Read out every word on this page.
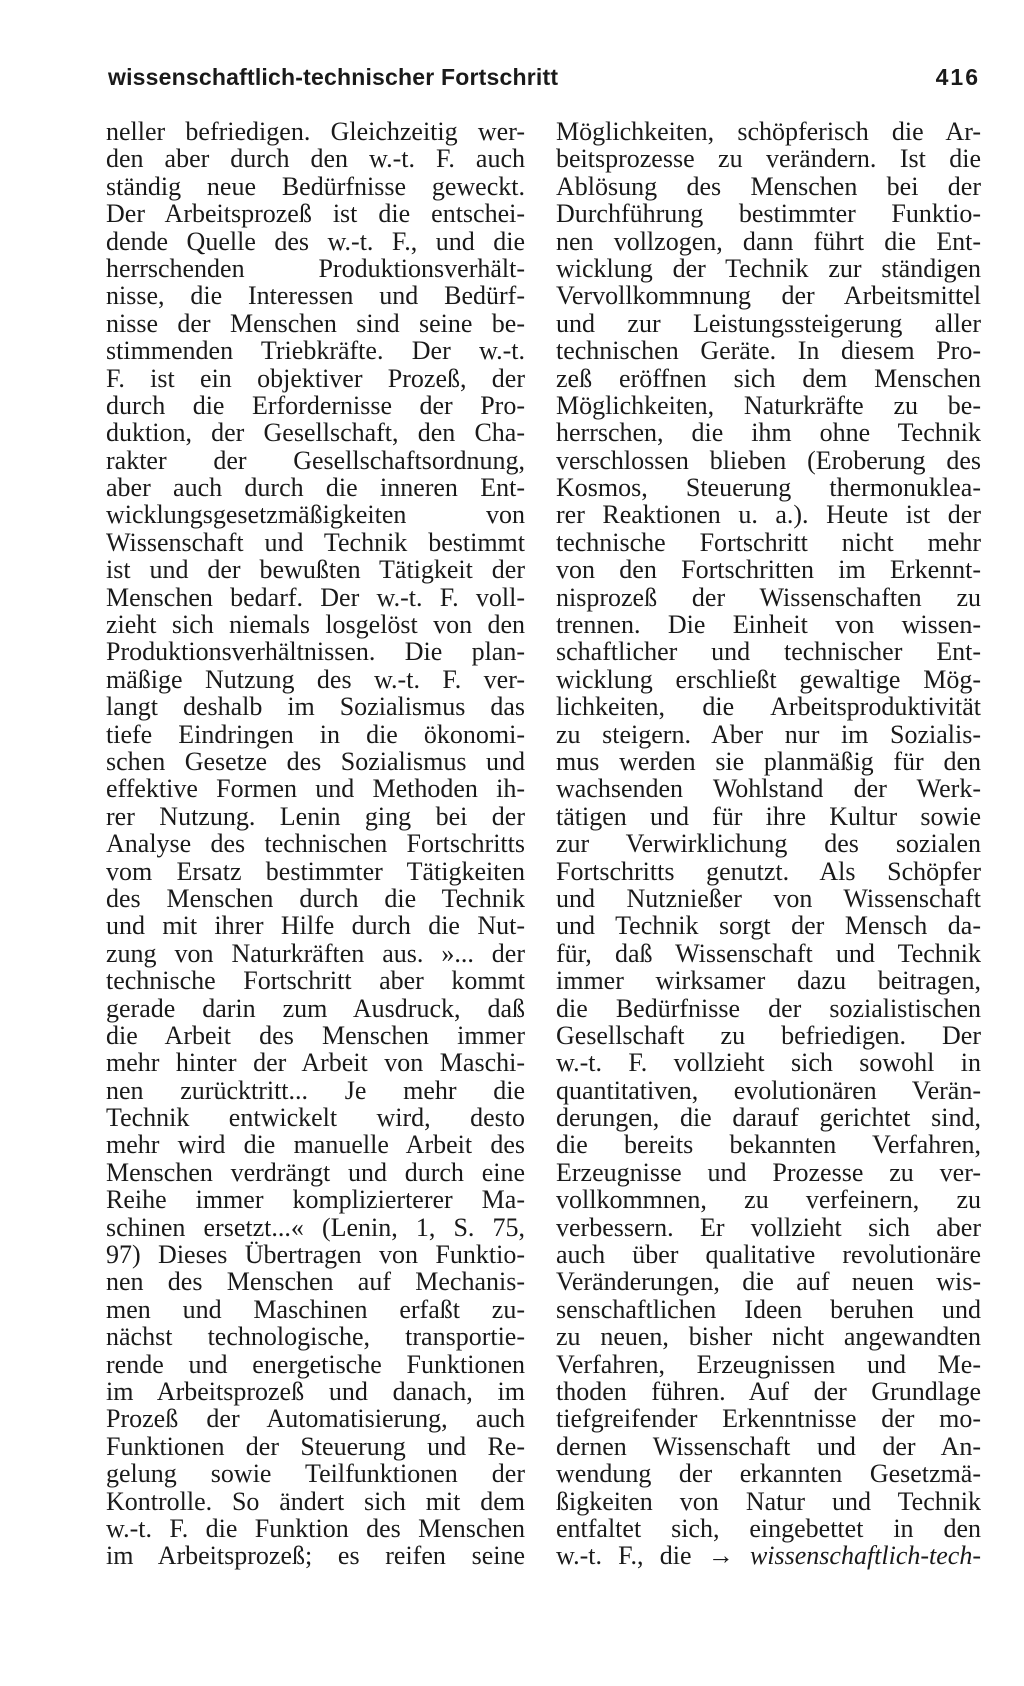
wissenschaftlich-technischer Fortschritt	416
neller befriedigen. Gleichzeitig wer-
den aber durch den w.-t. F. auch
ständig neue Bedürfnisse geweckt.
Der Arbeitsprozeß ist die entschei-
dende Quelle des w.-t. F., und die
herrschenden Produktionsverhält-
nisse, die Interessen und Bedürf-
nisse der Menschen sind seine be-
stimmenden Triebkräfte. Der w.-t.
F. ist ein objektiver Prozeß, der
durch die Erfordernisse der Pro-
duktion, der Gesellschaft, den Cha-
rakter der Gesellschaftsordnung,
aber auch durch die inneren Ent-
wicklungsgesetzmäßigkeiten von
Wissenschaft und Technik bestimmt
ist und der bewußten Tätigkeit der
Menschen bedarf. Der w.-t. F. voll-
zieht sich niemals losgelöst von den
Produktionsverhältnissen. Die plan-
mäßige Nutzung des w.-t. F. ver-
langt deshalb im Sozialismus das
tiefe Eindringen in die ökonomi-
schen Gesetze des Sozialismus und
effektive Formen und Methoden ih-
rer Nutzung. Lenin ging bei der
Analyse des technischen Fortschritts
vom Ersatz bestimmter Tätigkeiten
des Menschen durch die Technik
und mit ihrer Hilfe durch die Nut-
zung von Naturkräften aus. »... der
technische Fortschritt aber kommt
gerade darin zum Ausdruck, daß
die Arbeit des Menschen immer
mehr hinter der Arbeit von Maschi-
nen zurücktritt... Je mehr die
Technik entwickelt wird, desto
mehr wird die manuelle Arbeit des
Menschen verdrängt und durch eine
Reihe immer komplizierterer Ma-
schinen ersetzt...« (Lenin, 1, S. 75,
97) Dieses Übertragen von Funktio-
nen des Menschen auf Mechanis-
men und Maschinen erfaßt zu-
nächst technologische, transportie-
rende und energetische Funktionen
im Arbeitsprozeß und danach, im
Prozeß der Automatisierung, auch
Funktionen der Steuerung und Re-
gelung sowie Teilfunktionen der
Kontrolle. So ändert sich mit dem
w.-t. F. die Funktion des Menschen
im Arbeitsprozeß; es reifen seine
Möglichkeiten, schöpferisch die Ar-
beitsprozesse zu verändern. Ist die
Ablösung des Menschen bei der
Durchführung bestimmter Funktio-
nen vollzogen, dann führt die Ent-
wicklung der Technik zur ständigen
Vervollkommnung der Arbeitsmittel
und zur Leistungssteigerung aller
technischen Geräte. In diesem Pro-
zeß eröffnen sich dem Menschen
Möglichkeiten, Naturkräfte zu be-
herrschen, die ihm ohne Technik
verschlossen blieben (Eroberung des
Kosmos, Steuerung thermonuklea-
rer Reaktionen u. a.). Heute ist der
technische Fortschritt nicht mehr
von den Fortschritten im Erkennt-
nisprozeß der Wissenschaften zu
trennen. Die Einheit von wissen-
schaftlicher und technischer Ent-
wicklung erschließt gewaltige Mög-
lichkeiten, die Arbeitsproduktivität
zu steigern. Aber nur im Sozialis-
mus werden sie planmäßig für den
wachsenden Wohlstand der Werk-
tätigen und für ihre Kultur sowie
zur Verwirklichung des sozialen
Fortschritts genutzt. Als Schöpfer
und Nutznießer von Wissenschaft
und Technik sorgt der Mensch da-
für, daß Wissenschaft und Technik
immer wirksamer dazu beitragen,
die Bedürfnisse der sozialistischen
Gesellschaft zu befriedigen. Der
w.-t. F. vollzieht sich sowohl in
quantitativen, evolutionären Verän-
derungen, die darauf gerichtet sind,
die bereits bekannten Verfahren,
Erzeugnisse und Prozesse zu ver-
vollkommnen, zu verfeinern, zu
verbessern. Er vollzieht sich aber
auch über qualitative revolutionäre
Veränderungen, die auf neuen wis-
senschaftlichen Ideen beruhen und
zu neuen, bisher nicht angewandten
Verfahren, Erzeugnissen und Me-
thoden führen. Auf der Grundlage
tiefgreifender Erkenntnisse der mo-
dernen Wissenschaft und der An-
wendung der erkannten Gesetzmä-
ßigkeiten von Natur und Technik
entfaltet sich, eingebettet in den
w.-t. F., die → wissenschaftlich-tech-
